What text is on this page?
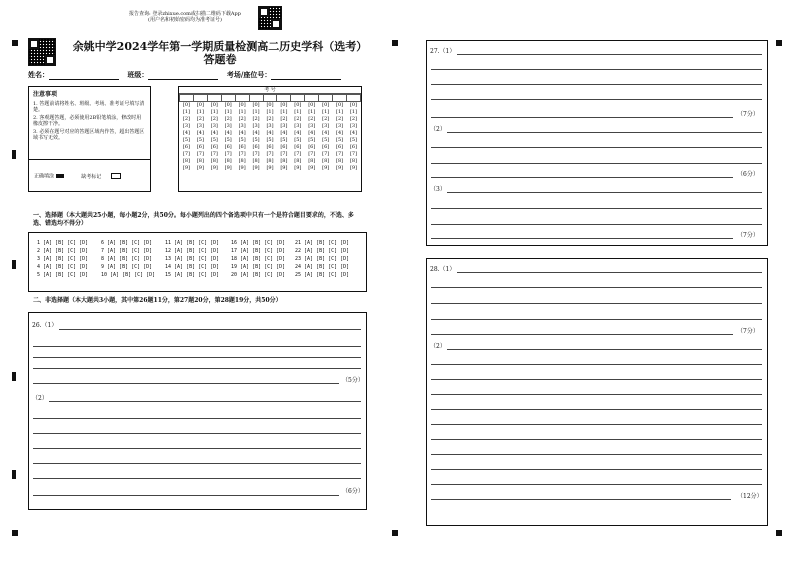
报告查询: 登录zhixue.com或扫描二维码下载App
(用户名和初始密码均为准考证号)
余姚中学2024学年第一学期质量检测高二历史学科（选考）
答题卷
姓名：	班级：	考场/座位号：
注意事项
1. 答题前请将姓名、班级、考场、准考证号填写清楚。
2. 客观题答题，必须使用2B铅笔填涂，修改时用橡皮擦干净。
3. 必须在题号对应的答题区域内作答，超出答题区域书写无效。
正确填涂	缺考标记
考 号

[0]	[0]	[0]	[0]	[0]	[0]	[0]	[0]	[0]	[0]	[0]	[0]	[0]
[1]	[1]	[1]	[1]	[1]	[1]	[1]	[1]	[1]	[1]	[1]	[1]	[1]
[2]	[2]	[2]	[2]	[2]	[2]	[2]	[2]	[2]	[2]	[2]	[2]	[2]
[3]	[3]	[3]	[3]	[3]	[3]	[3]	[3]	[3]	[3]	[3]	[3]	[3]
[4]	[4]	[4]	[4]	[4]	[4]	[4]	[4]	[4]	[4]	[4]	[4]	[4]
[5]	[5]	[5]	[5]	[5]	[5]	[5]	[5]	[5]	[5]	[5]	[5]	[5]
[6]	[6]	[6]	[6]	[6]	[6]	[6]	[6]	[6]	[6]	[6]	[6]	[6]
[7]	[7]	[7]	[7]	[7]	[7]	[7]	[7]	[7]	[7]	[7]	[7]	[7]
[8]	[8]	[8]	[8]	[8]	[8]	[8]	[8]	[8]	[8]	[8]	[8]	[8]
[9]	[9]	[9]	[9]	[9]	[9]	[9]	[9]	[9]	[9]	[9]	[9]	[9]
一、选择题（本大题共25小题，每小题2分，共50分。每小题列出的四个备选项中只有一个是符合题目要求的，不选、多选、错选均不得分）
1 [A] [B] [C] [D]
2 [A] [B] [C] [D]
3 [A] [B] [C] [D]
4 [A] [B] [C] [D]
5 [A] [B] [C] [D]
6 [A] [B] [C] [D]
7 [A] [B] [C] [D]
8 [A] [B] [C] [D]
9 [A] [B] [C] [D]
10 [A] [B] [C] [D]
11 [A] [B] [C] [D]
12 [A] [B] [C] [D]
13 [A] [B] [C] [D]
14 [A] [B] [C] [D]
15 [A] [B] [C] [D]
16 [A] [B] [C] [D]
17 [A] [B] [C] [D]
18 [A] [B] [C] [D]
19 [A] [B] [C] [D]
20 [A] [B] [C] [D]
21 [A] [B] [C] [D]
22 [A] [B] [C] [D]
23 [A] [B] [C] [D]
24 [A] [B] [C] [D]
25 [A] [B] [C] [D]
二、非选择题（本大题共3小题，其中第26题11分，第27题20分，第28题19分，共50分）
26.（1）
（5分）
（2）
（6分）
27.（1）
（7分）
（2）
（6分）
（3）
（7分）
28.（1）
（7分）
（2）
（12分）
